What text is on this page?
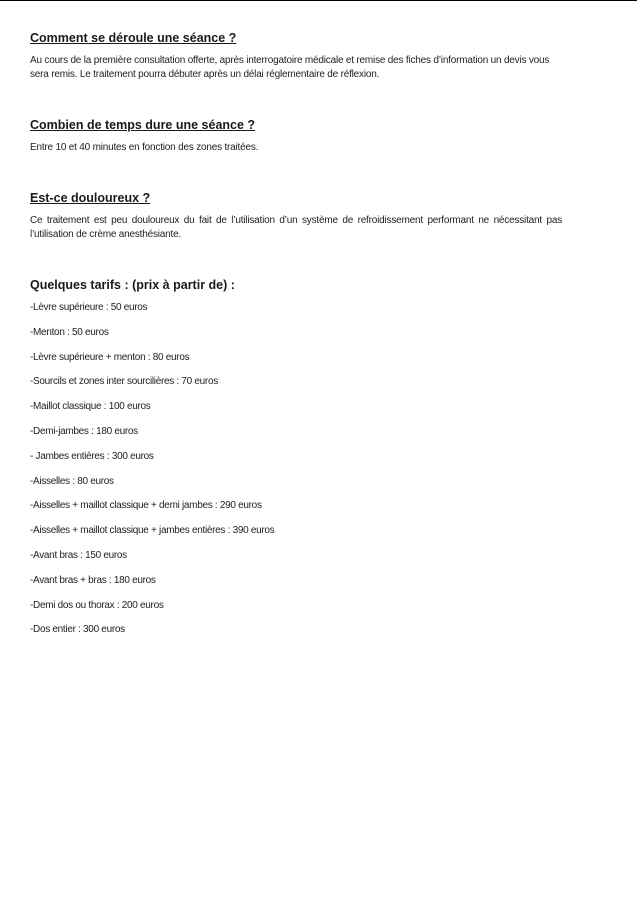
Comment se déroule une séance ?

Au cours de la première consultation offerte, après interrogatoire médicale et remise des fiches d’information un devis vous sera remis. Le traitement pourra débuter après un délai réglementaire de réflexion.

Combien de temps dure une séance ?

Entre 10 et 40 minutes en fonction des zones traitées.

Est-ce douloureux ?

Ce traitement est peu douloureux du fait de l’utilisation d’un système de refroidissement performant ne nécessitant pas l’utilisation de crème anesthésiante.

Quelques tarifs : (prix à partir de) :
-Lèvre supérieure : 50 euros
-Menton : 50 euros
-Lèvre supérieure + menton : 80 euros
-Sourcils et zones inter sourcilières : 70 euros
-Maillot classique : 100 euros
-Demi-jambes : 180 euros
- Jambes entières : 300 euros
-Aisselles : 80 euros
-Aisselles + maillot classique + demi jambes : 290 euros
-Aisselles + maillot classique + jambes entières : 390 euros
-Avant bras : 150 euros
-Avant bras + bras : 180 euros
-Demi dos ou thorax : 200 euros
-Dos entier : 300 euros
